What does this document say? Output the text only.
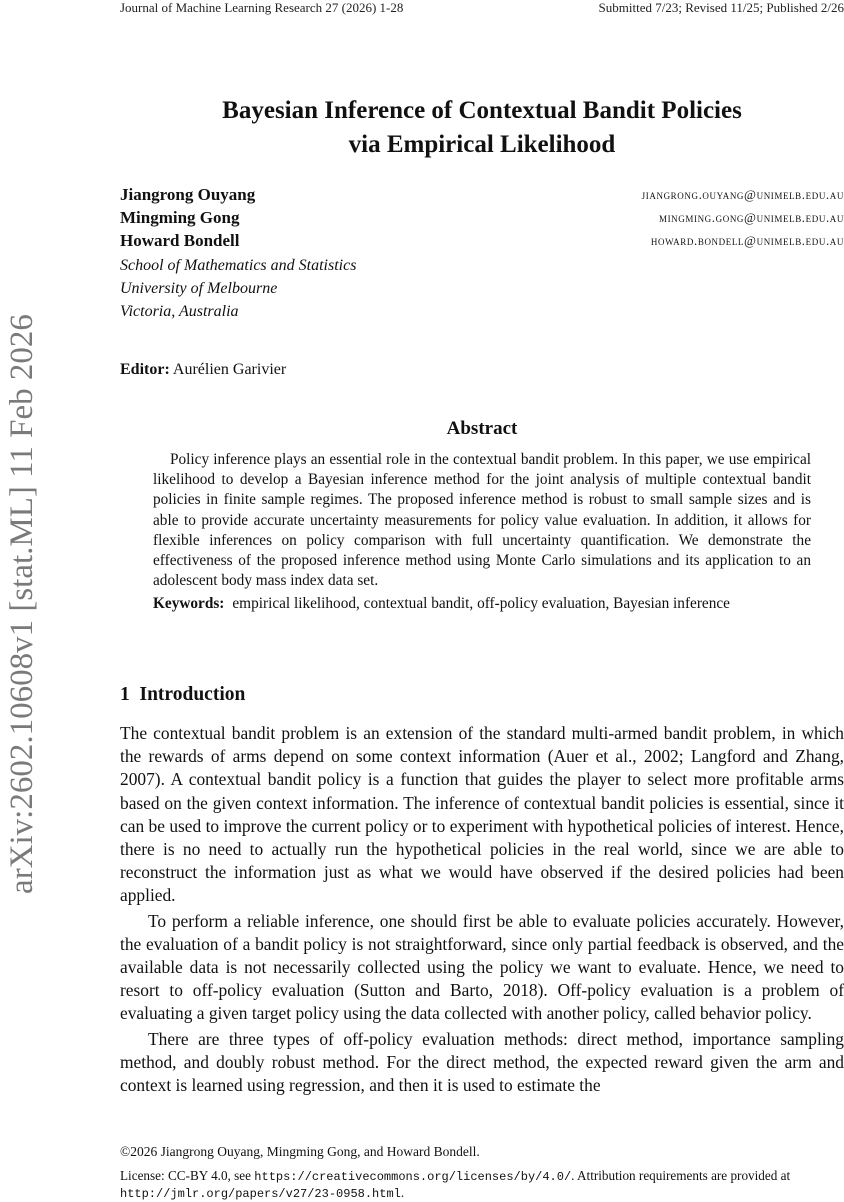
Journal of Machine Learning Research 27 (2026) 1-28	Submitted 7/23; Revised 11/25; Published 2/26
arXiv:2602.10608v1 [stat.ML] 11 Feb 2026
Bayesian Inference of Contextual Bandit Policies
via Empirical Likelihood
Jiangrong Ouyang	jiangrong.ouyang@unimelb.edu.au
Mingming Gong	mingming.gong@unimelb.edu.au
Howard Bondell	howard.bondell@unimelb.edu.au
School of Mathematics and Statistics
University of Melbourne
Victoria, Australia
Editor: Aurélien Garivier
Abstract

Policy inference plays an essential role in the contextual bandit problem. In this paper, we use empirical likelihood to develop a Bayesian inference method for the joint analysis of multiple contextual bandit policies in finite sample regimes. The proposed inference method is robust to small sample sizes and is able to provide accurate uncertainty measurements for policy value evaluation. In addition, it allows for flexible inferences on policy comparison with full uncertainty quantification. We demonstrate the effectiveness of the proposed inference method using Monte Carlo simulations and its application to an adolescent body mass index data set.

Keywords: empirical likelihood, contextual bandit, off-policy evaluation, Bayesian inference

1 Introduction

The contextual bandit problem is an extension of the standard multi-armed bandit problem, in which the rewards of arms depend on some context information (Auer et al., 2002; Langford and Zhang, 2007). A contextual bandit policy is a function that guides the player to select more profitable arms based on the given context information. The inference of contextual bandit policies is essential, since it can be used to improve the current policy or to experiment with hypothetical policies of interest. Hence, there is no need to actually run the hypothetical policies in the real world, since we are able to reconstruct the information just as what we would have observed if the desired policies had been applied.

To perform a reliable inference, one should first be able to evaluate policies accurately. However, the evaluation of a bandit policy is not straightforward, since only partial feedback is observed, and the available data is not necessarily collected using the policy we want to evaluate. Hence, we need to resort to off-policy evaluation (Sutton and Barto, 2018). Off-policy evaluation is a problem of evaluating a given target policy using the data collected with another policy, called behavior policy.

There are three types of off-policy evaluation methods: direct method, importance sampling method, and doubly robust method. For the direct method, the expected reward given the arm and context is learned using regression, and then it is used to estimate the

©2026 Jiangrong Ouyang, Mingming Gong, and Howard Bondell.
License: CC-BY 4.0, see https://creativecommons.org/licenses/by/4.0/. Attribution requirements are provided at http://jmlr.org/papers/v27/23-0958.html.
